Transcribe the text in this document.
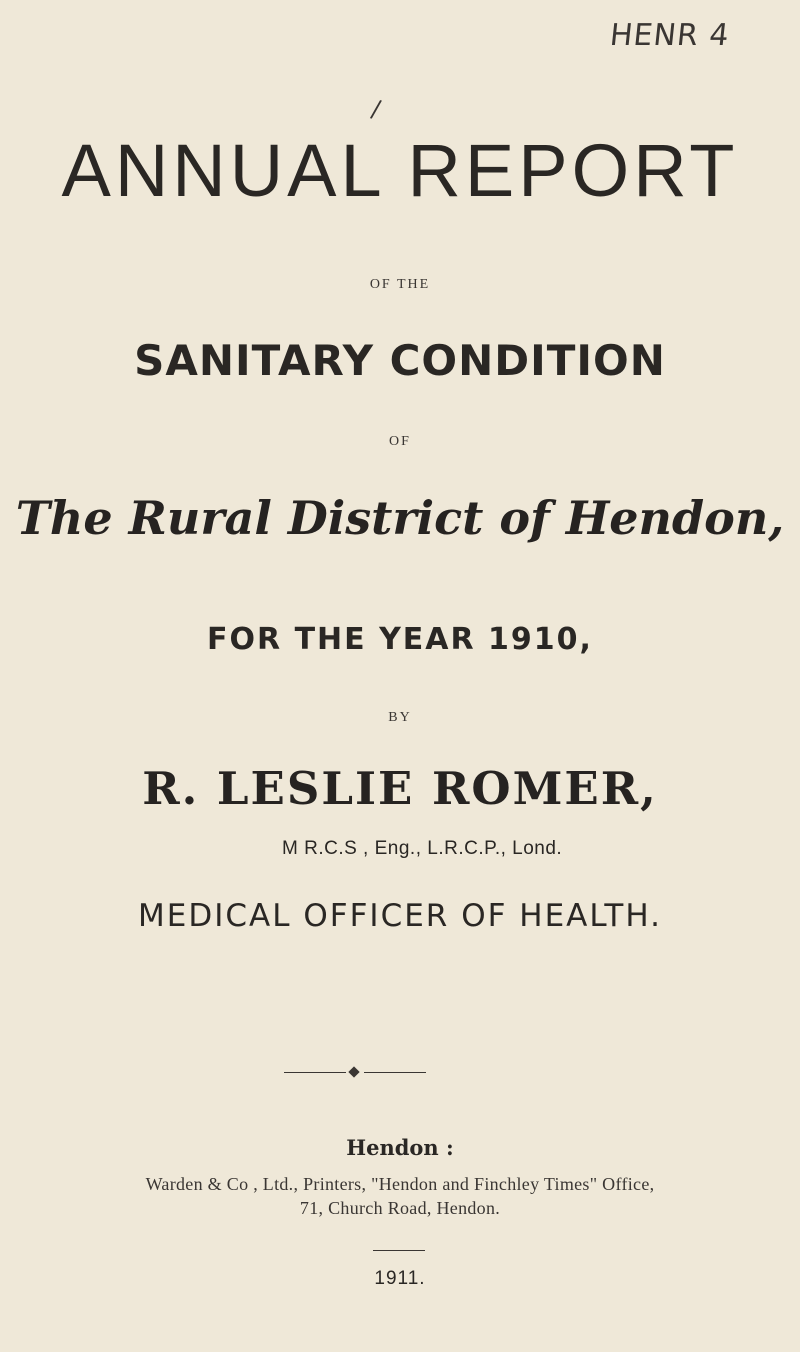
HENR 4
/
ANNUAL REPORT
OF THE
SANITARY CONDITION
OF
The Rural District of Hendon,
FOR THE YEAR 1910,
BY
R. LESLIE ROMER,
M R.C.S , Eng., L.R.C.P., Lond.
MEDICAL OFFICER OF HEALTH.
Hendon :
Warden & Co , Ltd., Printers, "Hendon and Finchley Times" Office,
71, Church Road, Hendon.
1911.
